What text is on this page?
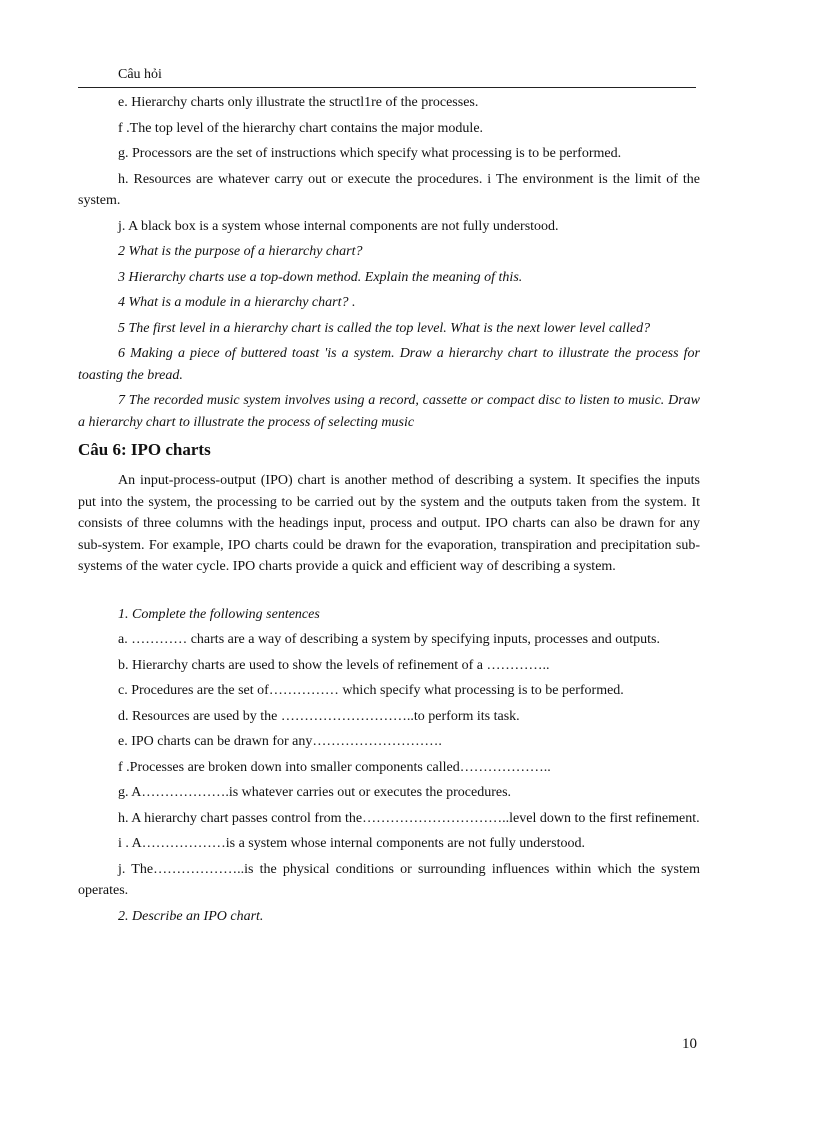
Câu hỏi

e. Hierarchy charts only illustrate the structl1re of the processes.

f .The top level of the hierarchy chart contains the major module.

g. Processors are the set of instructions which specify what processing is to be performed.

h. Resources are whatever carry out or execute the procedures. i The environment is the limit of the system.

j. A black box is a system whose internal components are not fully understood.

2 What is the purpose of a hierarchy chart?

3 Hierarchy charts use a top-down method. Explain the meaning of this.

4 What is a module in a hierarchy chart? .

5 The first level in a hierarchy chart is called the top level. What is the next lower level called?

6 Making a piece of buttered toast 'is a system. Draw a hierarchy chart to illustrate the process for toasting the bread.

7 The recorded music system involves using a record, cassette or compact disc to listen to music. Draw a hierarchy chart to illustrate the process of selecting music

Câu 6: IPO charts

An input-process-output (IPO) chart is another method of describing a system. It specifies the inputs put into the system, the processing to be carried out by the system and the outputs taken from the system. It consists of three columns with the headings input, process and output. IPO charts can also be drawn for any sub-system. For example, IPO charts could be drawn for the evaporation, transpiration and precipitation sub-systems of the water cycle. IPO charts provide a quick and efficient way of describing a system.

1. Complete the following sentences

a. ………… charts are a way of describing a system by specifying inputs, processes and outputs.

b. Hierarchy charts are used to show the levels of refinement of a …………..

c. Procedures are the set of…………… which specify what processing is to be performed.

d. Resources are used by the ………………………..to perform its task.

e. IPO charts can be drawn for any……………………….

f .Processes are broken down into smaller components called………………..

g. A……………….is whatever carries out or executes the procedures.

h. A hierarchy chart passes control from the…………………………..level down to the first refinement.

i . A………………is a system whose internal components are not fully understood.

j. The………………..is the physical conditions or surrounding influences within which the system operates.

2. Describe an IPO chart.

10
